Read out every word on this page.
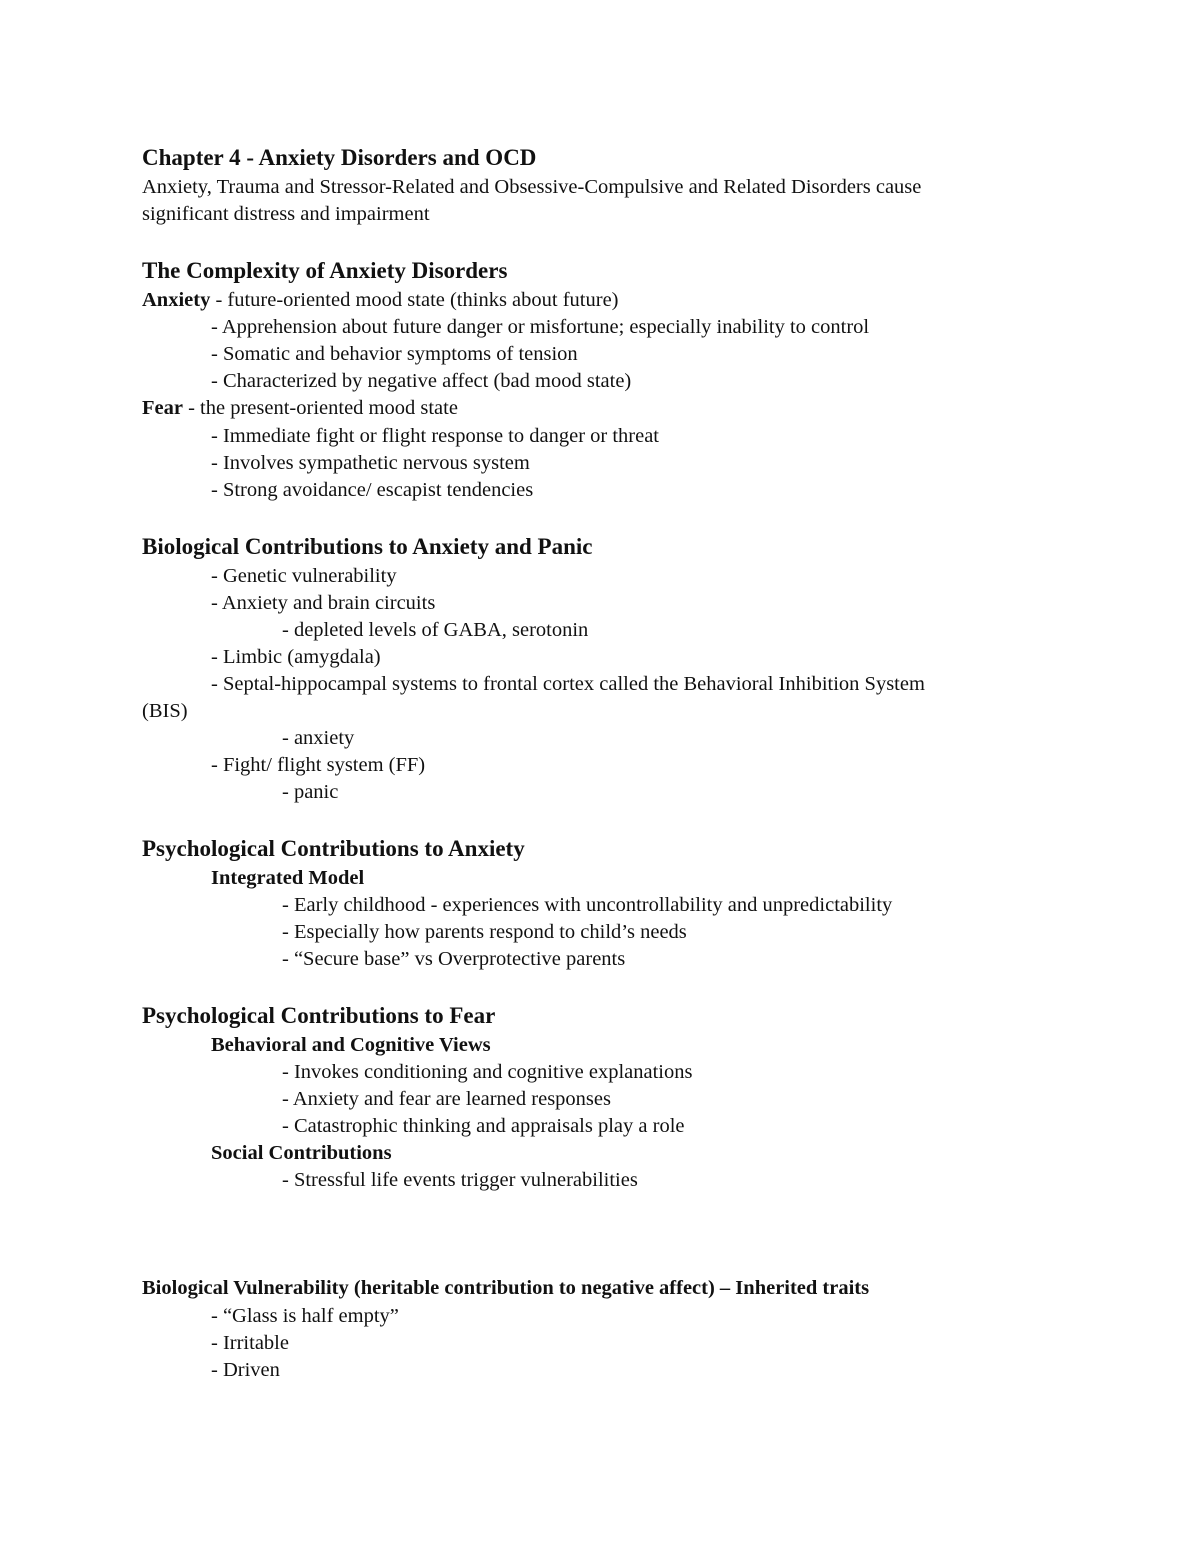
Chapter 4 - Anxiety Disorders and OCD
Anxiety, Trauma and Stressor-Related and Obsessive-Compulsive and Related Disorders cause
significant distress and impairment
The Complexity of Anxiety Disorders
Anxiety - future-oriented mood state (thinks about future)
- Apprehension about future danger or misfortune; especially inability to control
- Somatic and behavior symptoms of tension
- Characterized by negative affect (bad mood state)
Fear - the present-oriented mood state
- Immediate fight or flight response to danger or threat
- Involves sympathetic nervous system
- Strong avoidance/ escapist tendencies
Biological Contributions to Anxiety and Panic
- Genetic vulnerability
- Anxiety and brain circuits
- depleted levels of GABA, serotonin
- Limbic (amygdala)
- Septal-hippocampal systems to frontal cortex called the Behavioral Inhibition System
(BIS)
- anxiety
- Fight/ flight system (FF)
- panic
Psychological Contributions to Anxiety
Integrated Model
- Early childhood - experiences with uncontrollability and unpredictability
- Especially how parents respond to child’s needs
- “Secure base” vs Overprotective parents
Psychological Contributions to Fear
Behavioral and Cognitive Views
- Invokes conditioning and cognitive explanations
- Anxiety and fear are learned responses
- Catastrophic thinking and appraisals play a role
Social Contributions
- Stressful life events trigger vulnerabilities
Biological Vulnerability (heritable contribution to negative affect) – Inherited traits
- “Glass is half empty”
- Irritable
- Driven
